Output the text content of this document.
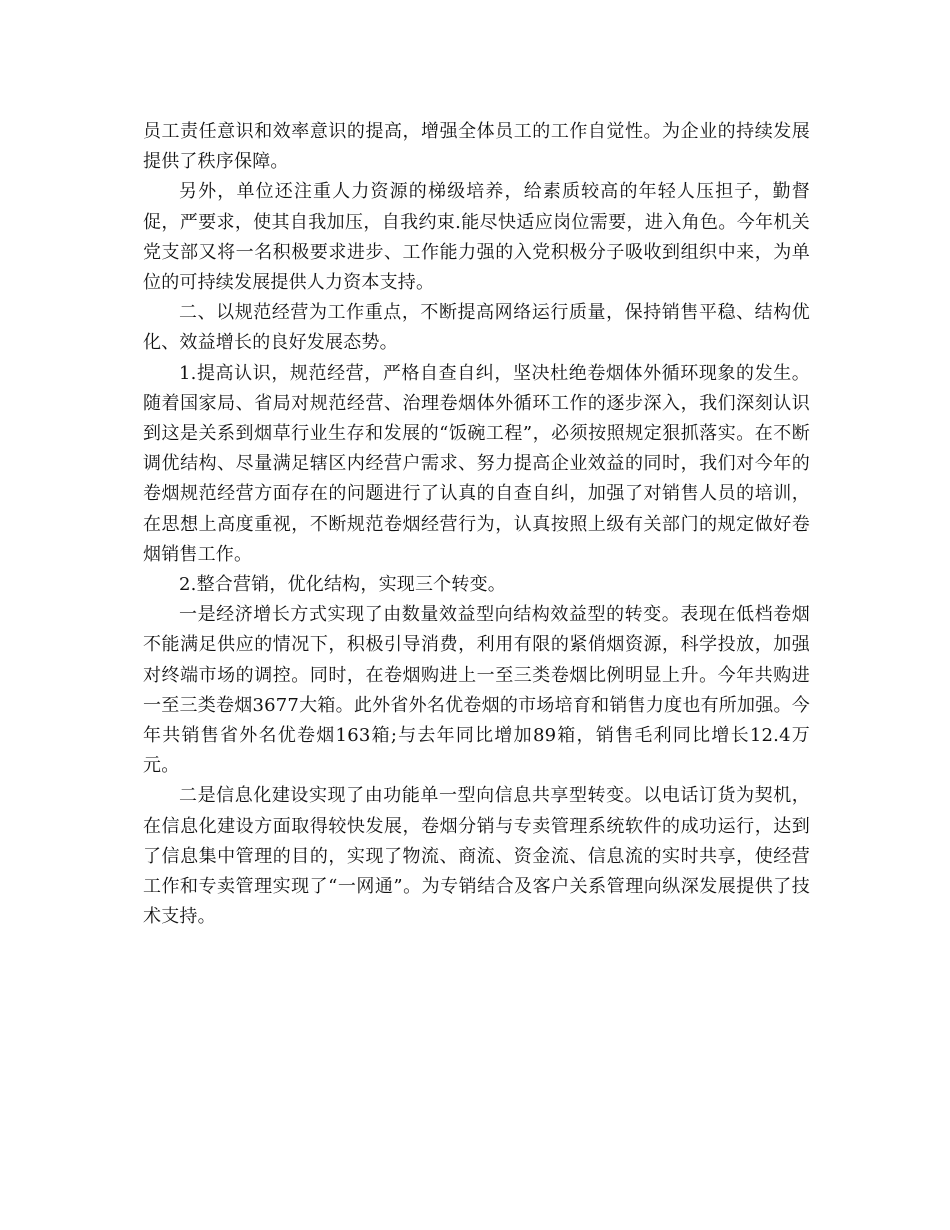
员工责任意识和效率意识的提高，增强全体员工的工作自觉性。为企业的持续发展提供了秩序保障。

另外，单位还注重人力资源的梯级培养，给素质较高的年轻人压担子，勤督促，严要求，使其自我加压，自我约束.能尽快适应岗位需要，进入角色。今年机关党支部又将一名积极要求进步、工作能力强的入党积极分子吸收到组织中来，为单位的可持续发展提供人力资本支持。

二、以规范经营为工作重点，不断提高网络运行质量，保持销售平稳、结构优化、效益增长的良好发展态势。

1.提高认识，规范经营，严格自查自纠，坚决杜绝卷烟体外循环现象的发生。随着国家局、省局对规范经营、治理卷烟体外循环工作的逐步深入，我们深刻认识到这是关系到烟草行业生存和发展的“饭碗工程”，必须按照规定狠抓落实。在不断调优结构、尽量满足辖区内经营户需求、努力提高企业效益的同时，我们对今年的卷烟规范经营方面存在的问题进行了认真的自查自纠，加强了对销售人员的培训，在思想上高度重视，不断规范卷烟经营行为，认真按照上级有关部门的规定做好卷烟销售工作。

2.整合营销，优化结构，实现三个转变。

一是经济增长方式实现了由数量效益型向结构效益型的转变。表现在低档卷烟不能满足供应的情况下，积极引导消费，利用有限的紧俏烟资源，科学投放，加强对终端市场的调控。同时，在卷烟购进上一至三类卷烟比例明显上升。今年共购进一至三类卷烟3677大箱。此外省外名优卷烟的市场培育和销售力度也有所加强。今年共销售省外名优卷烟163箱;与去年同比增加89箱，销售毛利同比增长12.4万元。

二是信息化建设实现了由功能单一型向信息共享型转变。以电话订货为契机，在信息化建设方面取得较快发展，卷烟分销与专卖管理系统软件的成功运行，达到了信息集中管理的目的，实现了物流、商流、资金流、信息流的实时共享，使经营工作和专卖管理实现了“一网通”。为专销结合及客户关系管理向纵深发展提供了技术支持。
